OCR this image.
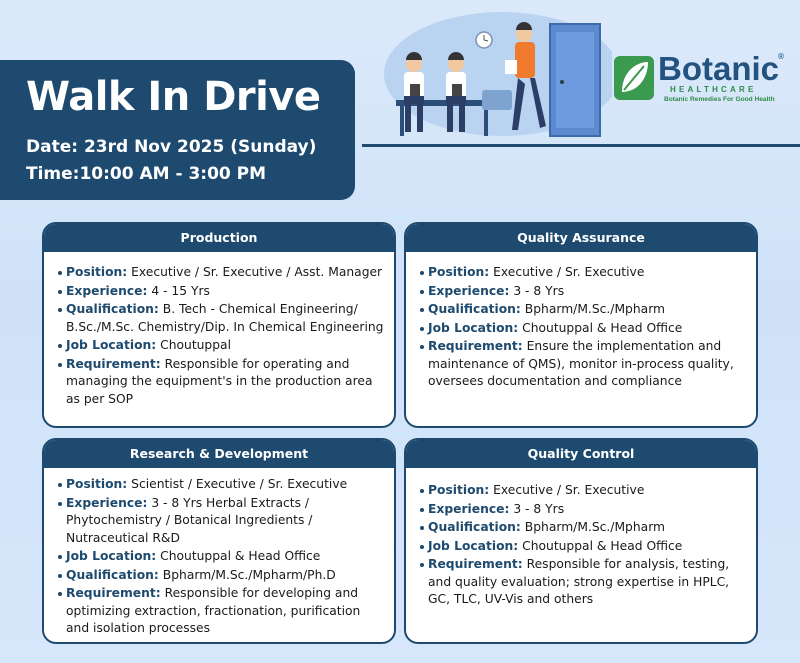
Botanic
®
HEALTHCARE
Botanic Remedies For Good Health
Walk In Drive
Date: 23rd Nov 2025 (Sunday)
Time:10:00 AM - 3:00 PM
Production
Position: Executive / Sr. Executive / Asst. Manager
Experience: 4 - 15 Yrs
Qualification: B. Tech - Chemical Engineering/ B.Sc./M.Sc. Chemistry/Dip. In Chemical Engineering
Job Location: Choutuppal
Requirement: Responsible for operating and managing the equipment's in the production area as per SOP
Quality Assurance
Position: Executive / Sr. Executive
Experience: 3 - 8 Yrs
Qualification: Bpharm/M.Sc./Mpharm
Job Location: Choutuppal & Head Office
Requirement: Ensure the implementation and maintenance of QMS), monitor in-process quality, oversees documentation and compliance
Research & Development
Position: Scientist / Executive / Sr. Executive
Experience: 3 - 8 Yrs Herbal Extracts / Phytochemistry / Botanical Ingredients / Nutraceutical R&D
Job Location: Choutuppal & Head Office
Qualification: Bpharm/M.Sc./Mpharm/Ph.D
Requirement: Responsible for developing and optimizing extraction, fractionation, purification and isolation processes
Quality Control
Position: Executive / Sr. Executive
Experience: 3 - 8 Yrs
Qualification: Bpharm/M.Sc./Mpharm
Job Location: Choutuppal & Head Office
Requirement: Responsible for analysis, testing, and quality evaluation; strong expertise in HPLC, GC, TLC, UV-Vis and others
